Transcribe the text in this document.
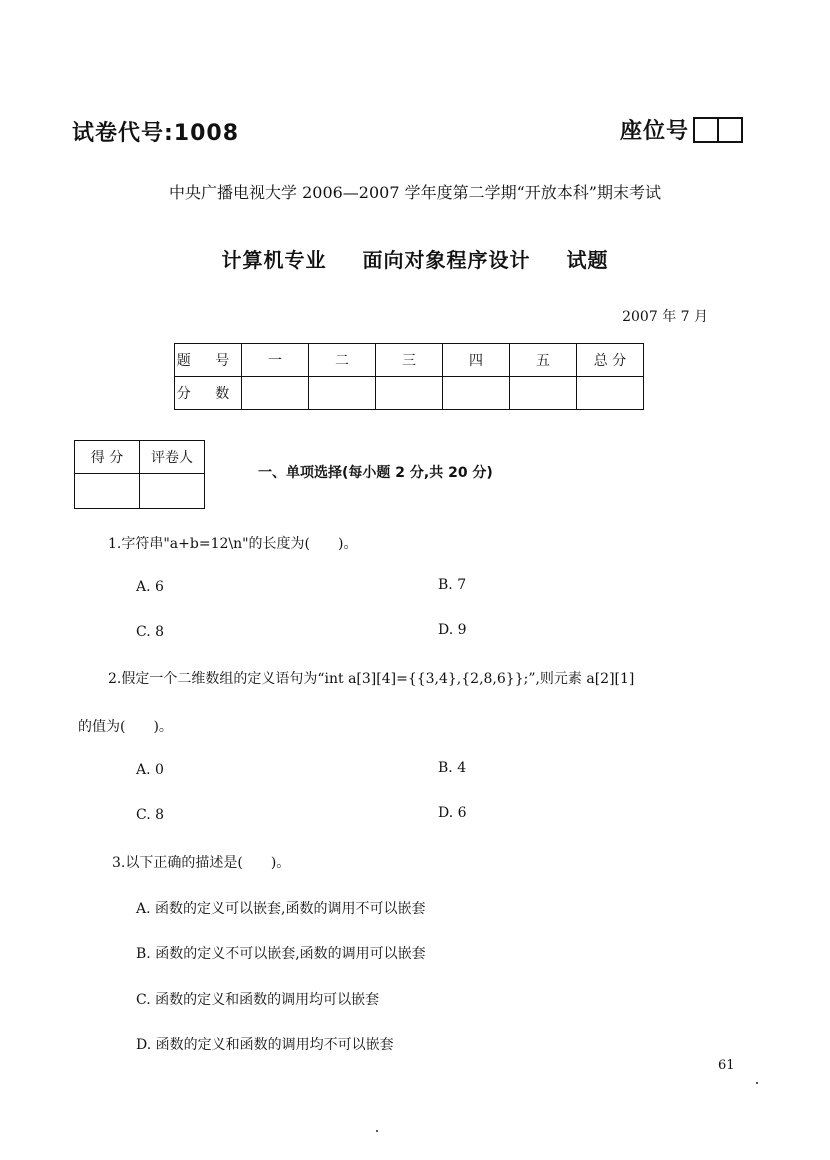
试卷代号:1008	座位号
中央广播电视大学 2006—2007 学年度第二学期“开放本科”期末考试
计算机专业 面向对象程序设计 试题
2007 年 7 月
题 号	一	二	三	四	五	总 分
分 数						
得 分	评卷人

一、单项选择(每小题 2 分,共 20 分)
1.字符串"a+b=12\n"的长度为(　　)。
A. 6	B. 7
C. 8	D. 9
2.假定一个二维数组的定义语句为“int a[3][4]={{3,4},{2,8,6}};”,则元素 a[2][1]
的值为(　　)。
A. 0	B. 4
C. 8	D. 6
3.以下正确的描述是(　　)。
A. 函数的定义可以嵌套,函数的调用不可以嵌套
B. 函数的定义不可以嵌套,函数的调用可以嵌套
C. 函数的定义和函数的调用均可以嵌套
D. 函数的定义和函数的调用均不可以嵌套
61
